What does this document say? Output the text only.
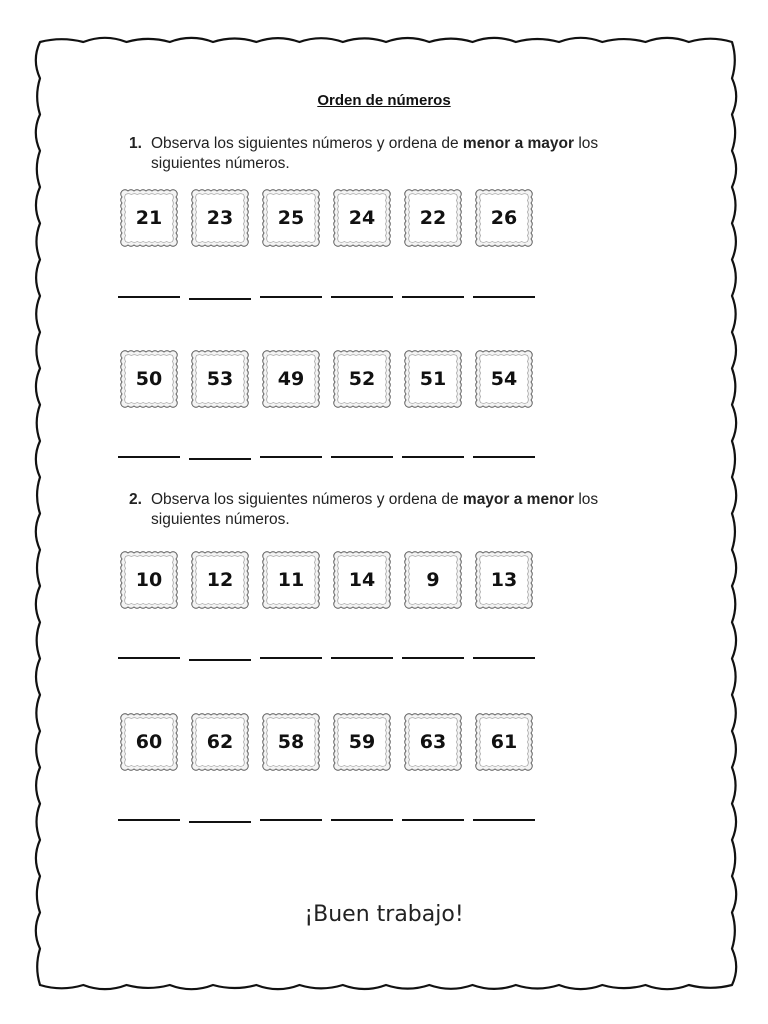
Orden de números
1. Observa los siguientes números y ordena de menor a mayor los
siguientes números.
21	23	25	24	22	26
50	53	49	52	51	54
2. Observa los siguientes números y ordena de mayor a menor los
siguientes números.
10	12	11	14	9	13
60	62	58	59	63	61
¡Buen trabajo!
